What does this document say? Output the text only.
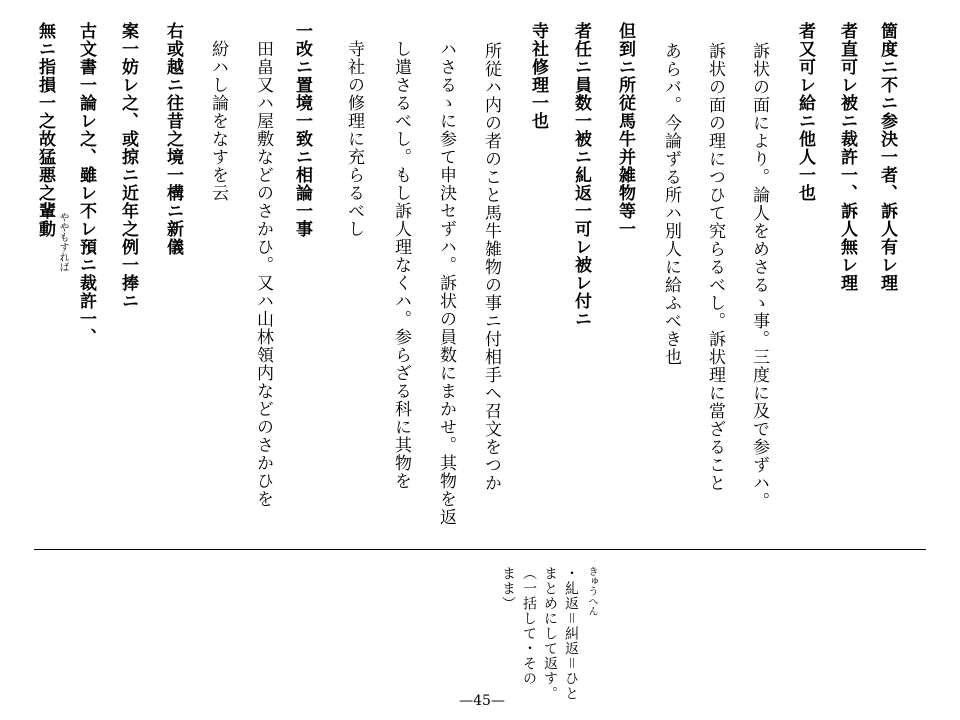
箇度ニ不ニ参決一者、訴人有レ理
者直可レ被ニ裁許一、訴人無レ理
者又可レ給ニ他人一也
訴状の面により。論人をめさるゝ事。三度に及で参ずハ。
訴状の面の理につひて究らるべし。訴状理に當ざること
あらバ。今論ずる所ハ別人に給ふべき也
但到ニ所従馬牛并雑物等一
者任ニ員数一被ニ糺返一可レ被レ付ニ
寺社修理一也
所従ハ内の者のこと馬牛雑物の事ニ付相手へ召文をつか
ハさるゝに参て申決セずハ。訴状の員数にまかせ。其物を返
し遣さるべし。もし訴人理なくハ。参らざる科に其物を
寺社の修理に充らるべし
一改ニ置境一致ニ相論一事
田畠又ハ屋敷などのさかひ。又ハ山林領内などのさかひを
紛ハし論をなすを云
右或越ニ往昔之境一構ニ新儀
案一妨レ之、或掠ニ近年之例一捧ニ
古文書一論レ之、雖レ不レ預ニ裁許一、
無ニ指損一之故猛悪之輩動
ややもすれば
きゅうへん
・糺返＝糾返＝ひと
まとめにして返す。
（一括して・その
まま）
—45—
